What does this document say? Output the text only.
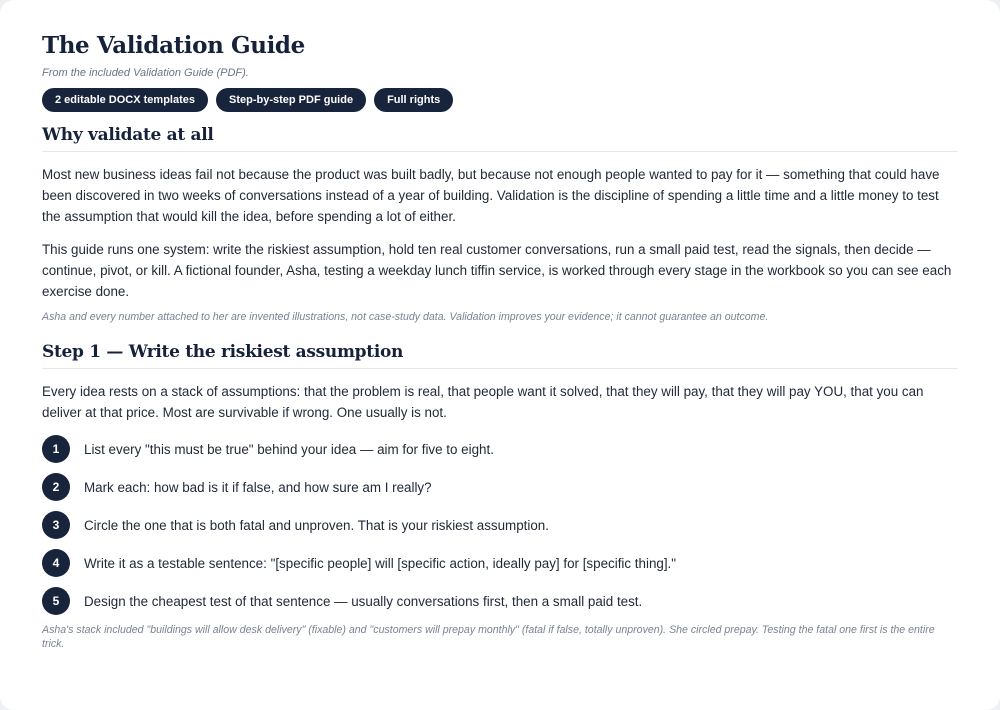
The Validation Guide
From the included Validation Guide (PDF).
2 editable DOCX templates	Step-by-step PDF guide	Full rights
Why validate at all

Most new business ideas fail not because the product was built badly, but because not enough people wanted to pay for it — something that could have been discovered in two weeks of conversations instead of a year of building. Validation is the discipline of spending a little time and a little money to test the assumption that would kill the idea, before spending a lot of either.

This guide runs one system: write the riskiest assumption, hold ten real customer conversations, run a small paid test, read the signals, then decide — continue, pivot, or kill. A fictional founder, Asha, testing a weekday lunch tiffin service, is worked through every stage in the workbook so you can see each exercise done.

Asha and every number attached to her are invented illustrations, not case-study data. Validation improves your evidence; it cannot guarantee an outcome.

Step 1 — Write the riskiest assumption

Every idea rests on a stack of assumptions: that the problem is real, that people want it solved, that they will pay, that they will pay YOU, that you can deliver at that price. Most are survivable if wrong. One usually is not.

1	List every "this must be true" behind your idea — aim for five to eight.
2	Mark each: how bad is it if false, and how sure am I really?
3	Circle the one that is both fatal and unproven. That is your riskiest assumption.
4	Write it as a testable sentence: "[specific people] will [specific action, ideally pay] for [specific thing]."
5	Design the cheapest test of that sentence — usually conversations first, then a small paid test.

Asha's stack included "buildings will allow desk delivery" (fixable) and "customers will prepay monthly" (fatal if false, totally unproven). She circled prepay. Testing the fatal one first is the entire trick.
